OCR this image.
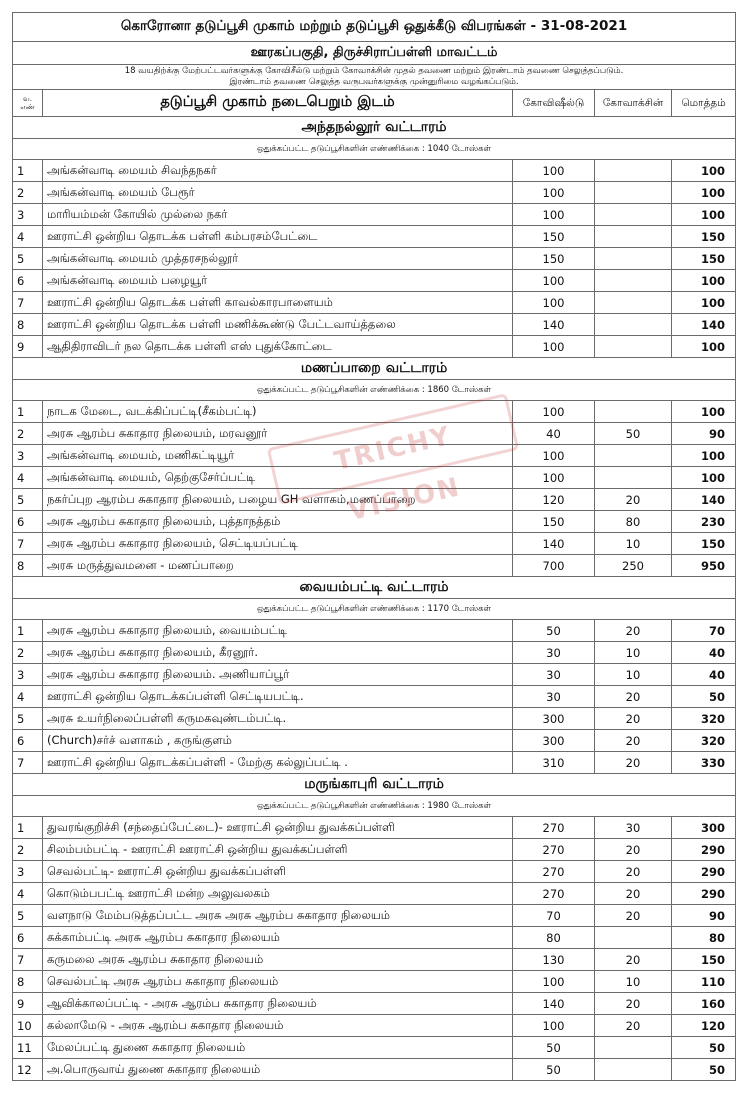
கொரோனா தடுப்பூசி முகாம் மற்றும் தடுப்பூசி ஒதுக்கீடு விபரங்கள் - 31-08-2021				
ஊரகப்பகுதி, திருச்சிராப்பள்ளி மாவட்டம்				

18 வயதிற்க்கு மேற்பட்டவர்களுக்கு கோவிசீல்டு மற்றும் கோவாக்சின் முதல் தவணை மற்றும் இரண்டாம் தவணை செலுத்தப்படும்.
இரண்டாம் தவணை செலுத்த வருபவர்களுக்கு முன்னுரிமை வழங்கப்படும்.				

வ. எண்	தடுப்பூசி முகாம் நடைபெறும் இடம்	கோவிஷீல்டு	கோவாக்சின்	மொத்தம்
அந்தநல்லூர் வட்டாரம்				
ஒதுக்கப்பட்ட தடுப்பூசிகளின் எண்ணிக்கை : 1040 டோஸ்கள்				
1	அங்கன்வாடி மையம் சிவந்தநகர்	100		100
2	அங்கன்வாடி மையம் பேரூர்	100		100
3	மாரியம்மன் கோயில் முல்லை நகர்	100		100
4	ஊராட்சி ஒன்றிய தொடக்க பள்ளி கம்பரசம்பேட்டை	150		150
5	அங்கன்வாடி மையம் முத்தரசநல்லூர்	150		150
6	அங்கன்வாடி மையம் பழையூர்	100		100
7	ஊராட்சி ஒன்றிய தொடக்க பள்ளி காவல்காரபாளையம்	100		100
8	ஊராட்சி ஒன்றிய தொடக்க பள்ளி மணிக்கூண்டு பேட்டவாய்த்தலை	140		140
9	ஆதிதிராவிடர் நல தொடக்க பள்ளி எஸ் புதுக்கோட்டை	100		100
மணப்பாறை வட்டாரம்				
ஒதுக்கப்பட்ட தடுப்பூசிகளின் எண்ணிக்கை : 1860 டோஸ்கள்				
1	நாடக மேடை, வடக்கிப்பட்டி(சீகம்பட்டி)	100		100
2	அரசு ஆரம்ப சுகாதார நிலையம், மரவனூர்	40	50	90
3	அங்கன்வாடி மையம், மணிகட்டியூர்	100		100
4	அங்கன்வாடி மையம், தெற்குசேர்ப்பட்டி	100		100
5	நகர்ப்புற ஆரம்ப சுகாதார நிலையம், பழைய GH வளாகம்,மணப்பாறை	120	20	140
6	அரசு ஆரம்ப சுகாதார நிலையம், புத்தாநத்தம்	150	80	230
7	அரசு ஆரம்ப சுகாதார நிலையம், செட்டியப்பட்டி	140	10	150
8	அரசு மருத்துவமனை - மணப்பாறை	700	250	950
வையம்பட்டி வட்டாரம்				
ஒதுக்கப்பட்ட தடுப்பூசிகளின் எண்ணிக்கை : 1170 டோஸ்கள்				
1	அரசு ஆரம்ப சுகாதார நிலையம், வையம்பட்டி	50	20	70
2	அரசு ஆரம்ப சுகாதார நிலையம், கீரனூர்.	30	10	40
3	அரசு ஆரம்ப சுகாதார நிலையம். அணியாப்பூர்	30	10	40
4	ஊராட்சி ஒன்றிய தொடக்கப்பள்ளி செட்டியபட்டி.	30	20	50
5	அரசு உயர்நிலைப்பள்ளி கருமகவுண்டம்பட்டி.	300	20	320
6	(Church)சர்ச் வளாகம் , கருங்குளம்	300	20	320
7	ஊராட்சி ஒன்றிய தொடக்கப்பள்ளி - மேற்கு கல்லுப்பட்டி .	310	20	330
மருங்காபுரி வட்டாரம்				
ஒதுக்கப்பட்ட தடுப்பூசிகளின் எண்ணிக்கை : 1980 டோஸ்கள்				
1	துவரங்குறிச்சி (சந்தைப்பேட்டை)- ஊராட்சி ஒன்றிய துவக்கப்பள்ளி	270	30	300
2	சிலம்பம்பட்டி - ஊராட்சி ஊராட்சி ஒன்றிய துவக்கப்பள்ளி	270	20	290
3	செவல்பட்டி- ஊராட்சி ஒன்றிய துவக்கப்பள்ளி	270	20	290
4	கொடும்பபட்டி ஊராட்சி மன்ற அலுவலகம்	270	20	290
5	வளநாடு மேம்படுத்தப்பட்ட அரசு அரசு ஆரம்ப சுகாதார நிலையம்	70	20	90
6	சுக்காம்பட்டி அரசு ஆரம்ப சுகாதார நிலையம்	80		80
7	கருமலை அரசு ஆரம்ப சுகாதார நிலையம்	130	20	150
8	செவல்பட்டி அரசு ஆரம்ப சுகாதார நிலையம்	100	10	110
9	ஆவிக்காலப்பட்டி - அரசு ஆரம்ப சுகாதார நிலையம்	140	20	160
10	கல்லாமேடு - அரசு ஆரம்ப சுகாதார நிலையம்	100	20	120
11	மேலப்பட்டி துணை சுகாதார நிலையம்	50		50
12	அ.பொருவாய் துணை சுகாதார நிலையம்	50		50
TRICHY VISION
